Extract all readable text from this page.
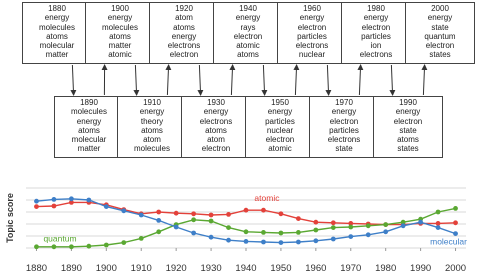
1880
energy
molecules
atoms
molecular
matter
1900
energy
molecules
atoms
matter
atomic
1920
atom
atoms
energy
electrons
electron
1940
energy
rays
electron
atomic
atoms
1960
energy
electron
particles
electrons
nuclear
1980
energy
electron
particles
ion
electrons
2000
energy
state
quantum
electron
states
1890
molecules
energy
atoms
molecular
matter
1910
energy
theory
atoms
atom
molecules
1930
energy
electrons
atoms
atom
electron
1950
energy
particles
nuclear
electron
atomic
1970
energy
electron
particles
electrons
state
1990
energy
electron
state
atoms
states
Topic score
1880 1890 1900 1910 1920 1930 1940 1950 1960 1970 1980 1990 2000
atomic
quantum	molecular
